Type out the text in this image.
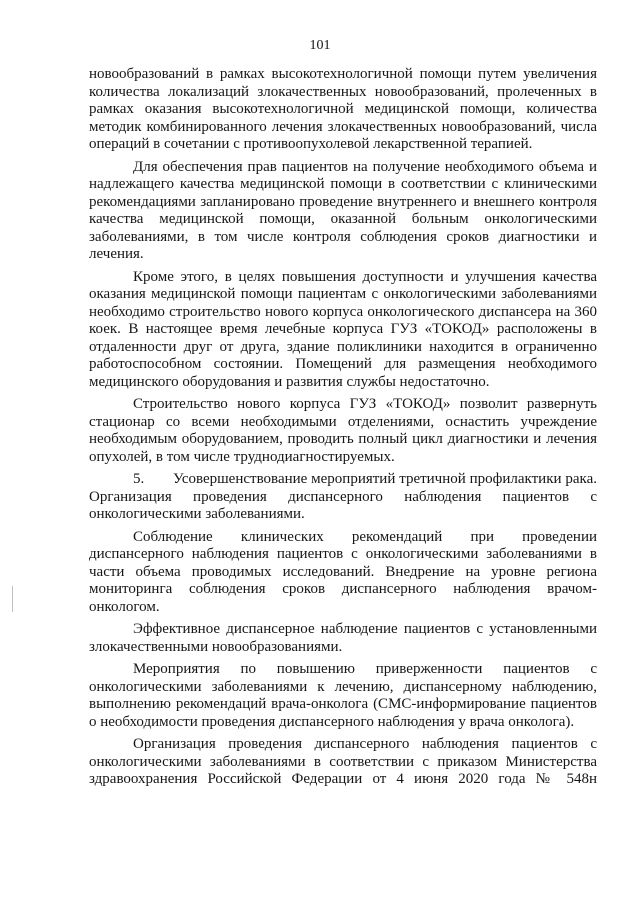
101

новообразований в рамках высокотехнологичной помощи путем увеличения количества локализаций злокачественных новообразований, пролеченных в рамках оказания высокотехнологичной медицинской помощи, количества методик комбинированного лечения злокачественных новообразований, числа операций в сочетании с противоопухолевой лекарственной терапией.

Для обеспечения прав пациентов на получение необходимого объема и надлежащего качества медицинской помощи в соответствии с клиническими рекомендациями запланировано проведение внутреннего и внешнего контроля качества медицинской помощи, оказанной больным онкологическими заболеваниями, в том числе контроля соблюдения сроков диагностики и лечения.

Кроме этого, в целях повышения доступности и улучшения качества оказания медицинской помощи пациентам с онкологическими заболеваниями необходимо строительство нового корпуса онкологического диспансера на 360 коек. В настоящее время лечебные корпуса ГУЗ «ТОКОД» расположены в отдаленности друг от друга, здание поликлиники находится в ограниченно работоспособном состоянии. Помещений для размещения необходимого медицинского оборудования и развития службы недостаточно.

Строительство нового корпуса ГУЗ «ТОКОД» позволит развернуть стационар со всеми необходимыми отделениями, оснастить учреждение необходимым оборудованием, проводить полный цикл диагностики и лечения опухолей, в том числе труднодиагностируемых.

5. Усовершенствование мероприятий третичной профилактики рака. Организация проведения диспансерного наблюдения пациентов с онкологическими заболеваниями.

Соблюдение клинических рекомендаций при проведении диспансерного наблюдения пациентов с онкологическими заболеваниями в части объема проводимых исследований. Внедрение на уровне региона мониторинга соблюдения сроков диспансерного наблюдения врачом-онкологом.

Эффективное диспансерное наблюдение пациентов с установленными злокачественными новообразованиями.

Мероприятия по повышению приверженности пациентов с онкологическими заболеваниями к лечению, диспансерному наблюдению, выполнению рекомендаций врача-онколога (СМС-информирование пациентов о необходимости проведения диспансерного наблюдения у врача онколога).

Организация проведения диспансерного наблюдения пациентов с онкологическими заболеваниями в соответствии с приказом Министерства здравоохранения Российской Федерации от 4 июня 2020 года № 548н
